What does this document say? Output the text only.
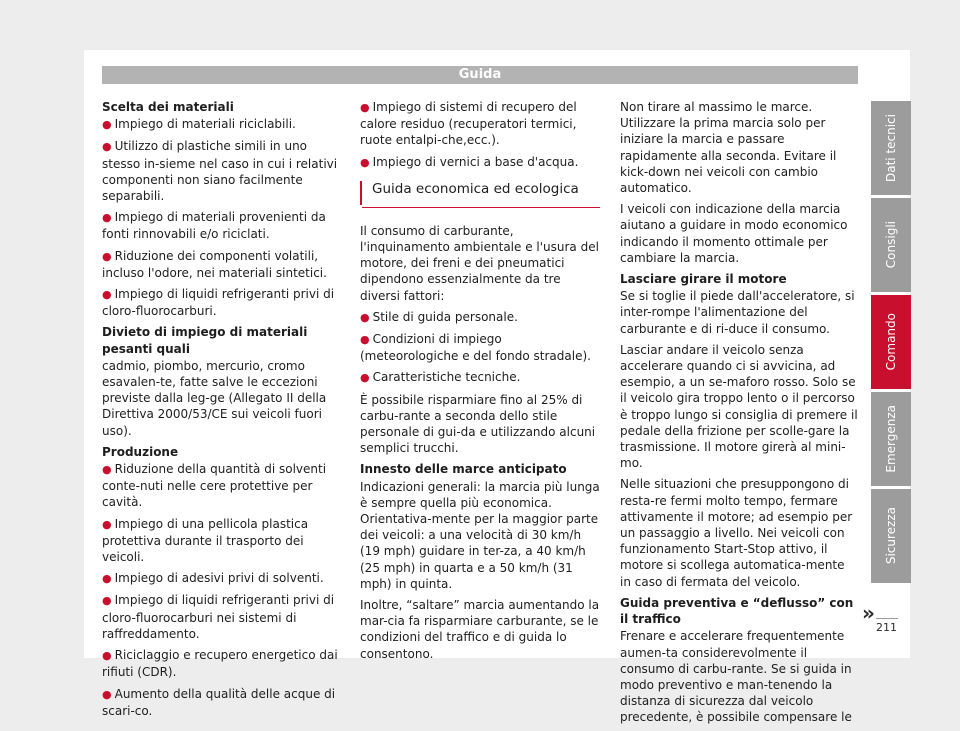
Guida

Scelta dei materiali

● Impiego di materiali riciclabili.

● Utilizzo di plastiche simili in uno stesso in-sieme nel caso in cui i relativi componenti non siano facilmente separabili.

● Impiego di materiali provenienti da fonti rinnovabili e/o riciclati.

● Riduzione dei componenti volatili, incluso l'odore, nei materiali sintetici.

● Impiego di liquidi refrigeranti privi di cloro-fluorocarburi.

Divieto di impiego di materiali pesanti quali

cadmio, piombo, mercurio, cromo esavalen-te, fatte salve le eccezioni previste dalla leg-ge (Allegato II della Direttiva 2000/53/CE sui veicoli fuori uso).

Produzione

● Riduzione della quantità di solventi conte-nuti nelle cere protettive per cavità.

● Impiego di una pellicola plastica protettiva durante il trasporto dei veicoli.

● Impiego di adesivi privi di solventi.

● Impiego di liquidi refrigeranti privi di cloro-fluorocarburi nei sistemi di raffreddamento.

● Riciclaggio e recupero energetico dai rifiuti (CDR).

● Aumento della qualità delle acque di scari-co.

● Impiego di sistemi di recupero del calore residuo (recuperatori termici, ruote entalpi-che,ecc.).

● Impiego di vernici a base d'acqua.

Guida economica ed ecologica

Il consumo di carburante, l'inquinamento ambientale e l'usura del motore, dei freni e dei pneumatici dipendono essenzialmente da tre diversi fattori:

● Stile di guida personale.

● Condizioni di impiego (meteorologiche e del fondo stradale).

● Caratteristiche tecniche.

È possibile risparmiare fino al 25% di carbu-rante a seconda dello stile personale di gui-da e utilizzando alcuni semplici trucchi.

Innesto delle marce anticipato

Indicazioni generali: la marcia più lunga è sempre quella più economica. Orientativa-mente per la maggior parte dei veicoli: a una velocità di 30 km/h (19 mph) guidare in ter-za, a 40 km/h (25 mph) in quarta e a 50 km/h (31 mph) in quinta.

Inoltre, “saltare” marcia aumentando la mar-cia fa risparmiare carburante, se le condizioni del traffico e di guida lo consentono.

Non tirare al massimo le marce. Utilizzare la prima marcia solo per iniziare la marcia e passare rapidamente alla seconda. Evitare il kick-down nei veicoli con cambio automatico.

I veicoli con indicazione della marcia aiutano a guidare in modo economico indicando il momento ottimale per cambiare la marcia.

Lasciare girare il motore

Se si toglie il piede dall'acceleratore, si inter-rompe l'alimentazione del carburante e di ri-duce il consumo.

Lasciar andare il veicolo senza accelerare quando ci si avvicina, ad esempio, a un se-maforo rosso. Solo se il veicolo gira troppo lento o il percorso è troppo lungo si consiglia di premere il pedale della frizione per scolle-gare la trasmissione. Il motore girerà al mini-mo.

Nelle situazioni che presuppongono di resta-re fermi molto tempo, fermare attivamente il motore; ad esempio per un passaggio a livello. Nei veicoli con funzionamento Start-Stop attivo, il motore si scollega automatica-mente in caso di fermata del veicolo.

Guida preventiva e “deflusso” con il traffico

Frenare e accelerare frequentemente aumen-ta considerevolmente il consumo di carbu-rante. Se si guida in modo preventivo e man-tenendo la distanza di sicurezza dal veicolo precedente, è possibile compensare le

Dati tecnici
Consigli
Comando
Emergenza
Sicurezza
»
211
